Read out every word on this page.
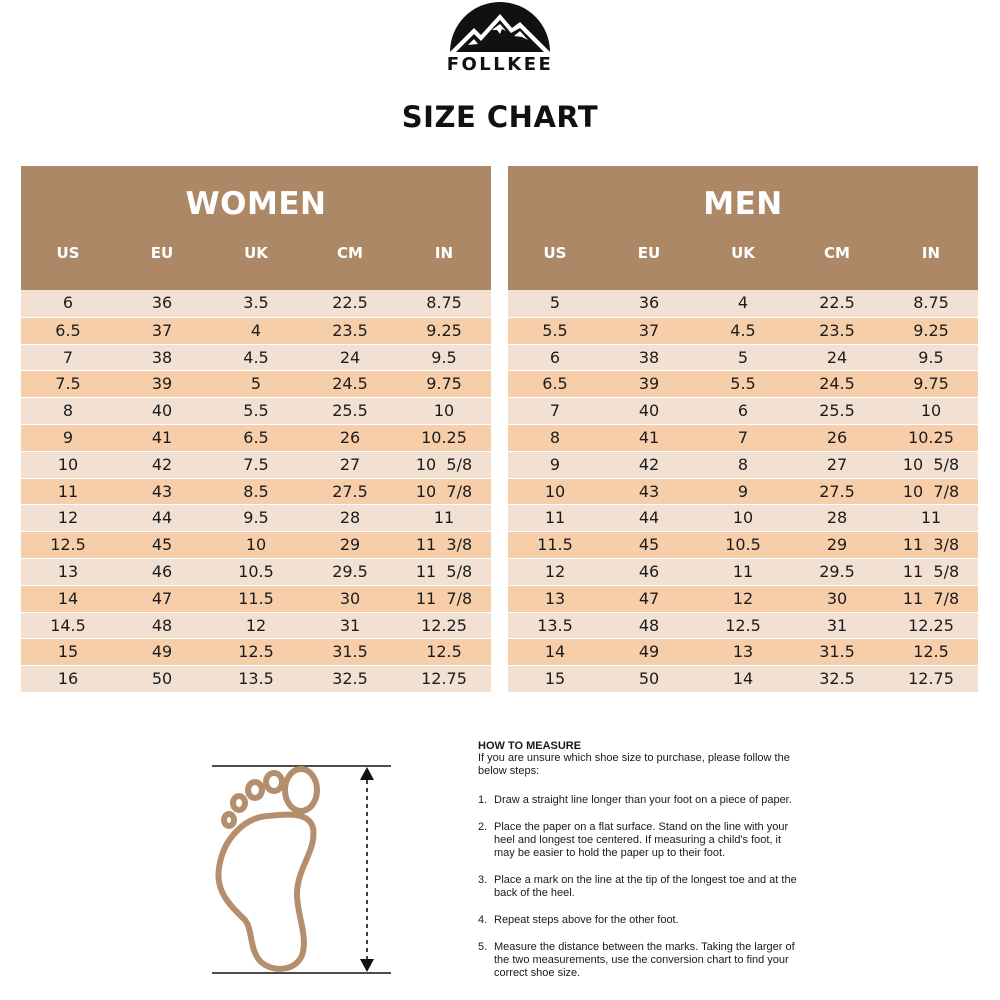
FOLLKEE
SIZE CHART
WOMEN
US	EU	UK	CM	IN
6	36	3.5	22.5	8.75
6.5	37	4	23.5	9.25
7	38	4.5	24	9.5
7.5	39	5	24.5	9.75
8	40	5.5	25.5	10
9	41	6.5	26	10.25
10	42	7.5	27	10  5/8
11	43	8.5	27.5	10  7/8
12	44	9.5	28	11
12.5	45	10	29	11  3/8
13	46	10.5	29.5	11  5/8
14	47	11.5	30	11  7/8
14.5	48	12	31	12.25
15	49	12.5	31.5	12.5
16	50	13.5	32.5	12.75
MEN
US	EU	UK	CM	IN
5	36	4	22.5	8.75
5.5	37	4.5	23.5	9.25
6	38	5	24	9.5
6.5	39	5.5	24.5	9.75
7	40	6	25.5	10
8	41	7	26	10.25
9	42	8	27	10  5/8
10	43	9	27.5	10  7/8
11	44	10	28	11
11.5	45	10.5	29	11  3/8
12	46	11	29.5	11  5/8
13	47	12	30	11  7/8
13.5	48	12.5	31	12.25
14	49	13	31.5	12.5
15	50	14	32.5	12.75
HOW TO MEASURE
If you are unsure which shoe size to purchase, please follow the below steps:
1. Draw a straight line longer than your foot on a piece of paper.
2. Place the paper on a flat surface. Stand on the line with your heel and longest toe centered. If measuring a child's foot, it may be easier to hold the paper up to their foot.
3. Place a mark on the line at the tip of the longest toe and at the back of the heel.
4. Repeat steps above for the other foot.
5. Measure the distance between the marks. Taking the larger of the two measurements, use the conversion chart to find your correct shoe size.
